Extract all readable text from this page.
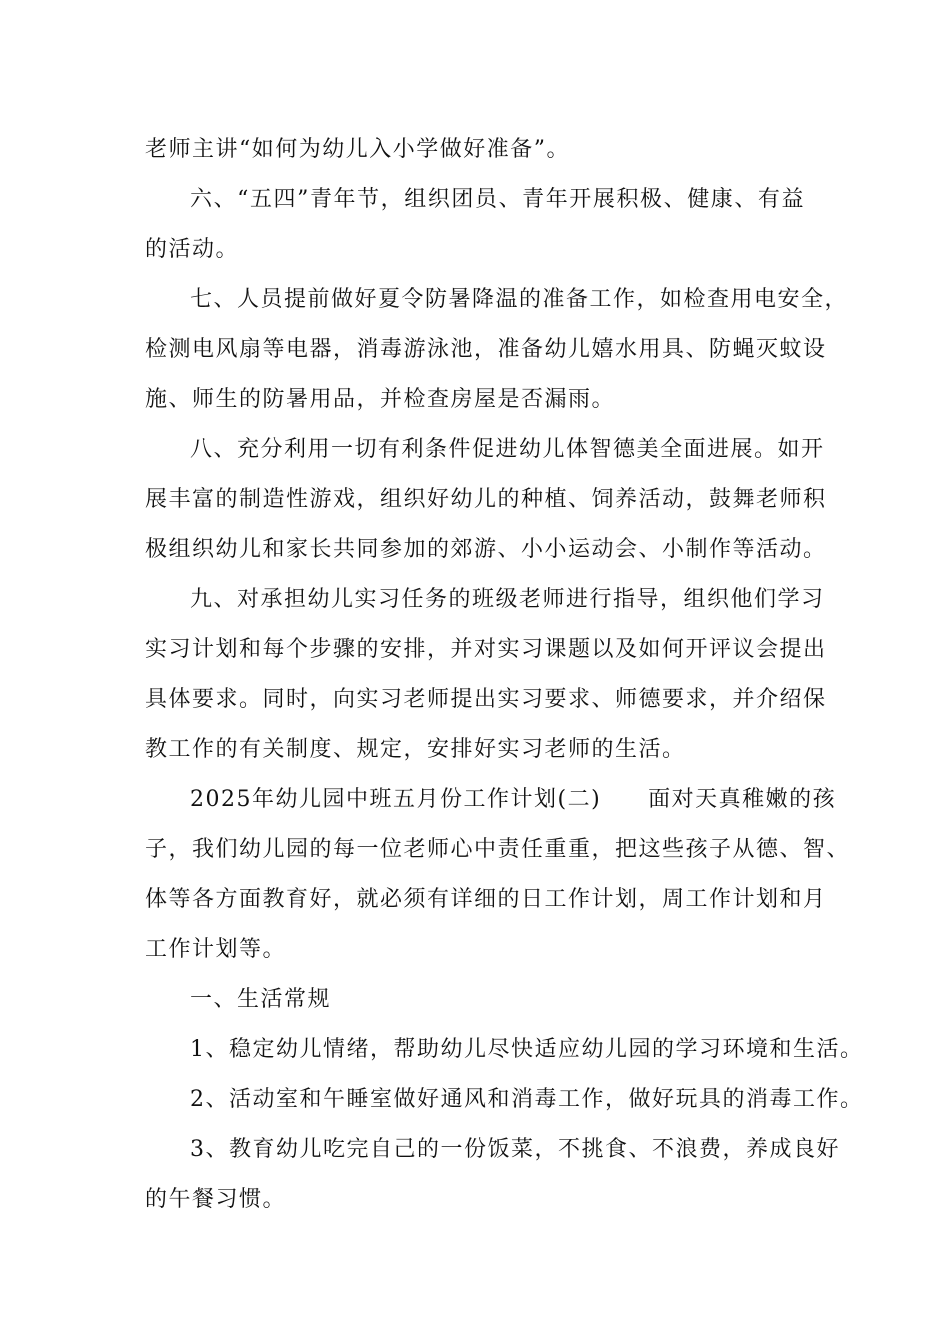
老师主讲“如何为幼儿入小学做好准备”。
六、“五四”青年节，组织团员、青年开展积极、健康、有益
的活动。
七、人员提前做好夏令防暑降温的准备工作，如检查用电安全，
检测电风扇等电器，消毒游泳池，准备幼儿嬉水用具、防蝇灭蚊设
施、师生的防暑用品，并检查房屋是否漏雨。
八、充分利用一切有利条件促进幼儿体智德美全面进展。如开
展丰富的制造性游戏，组织好幼儿的种植、饲养活动，鼓舞老师积
极组织幼儿和家长共同参加的郊游、小小运动会、小制作等活动。
九、对承担幼儿实习任务的班级老师进行指导，组织他们学习
实习计划和每个步骤的安排，并对实习课题以及如何开评议会提出
具体要求。同时，向实习老师提出实习要求、师德要求，并介绍保
教工作的有关制度、规定，安排好实习老师的生活。
2025年幼儿园中班五月份工作计划(二)　　面对天真稚嫩的孩
子，我们幼儿园的每一位老师心中责任重重，把这些孩子从德、智、
体等各方面教育好，就必须有详细的日工作计划，周工作计划和月
工作计划等。
一、生活常规
1、稳定幼儿情绪，帮助幼儿尽快适应幼儿园的学习环境和生活。
2、活动室和午睡室做好通风和消毒工作，做好玩具的消毒工作。
3、教育幼儿吃完自己的一份饭菜，不挑食、不浪费，养成良好
的午餐习惯。
